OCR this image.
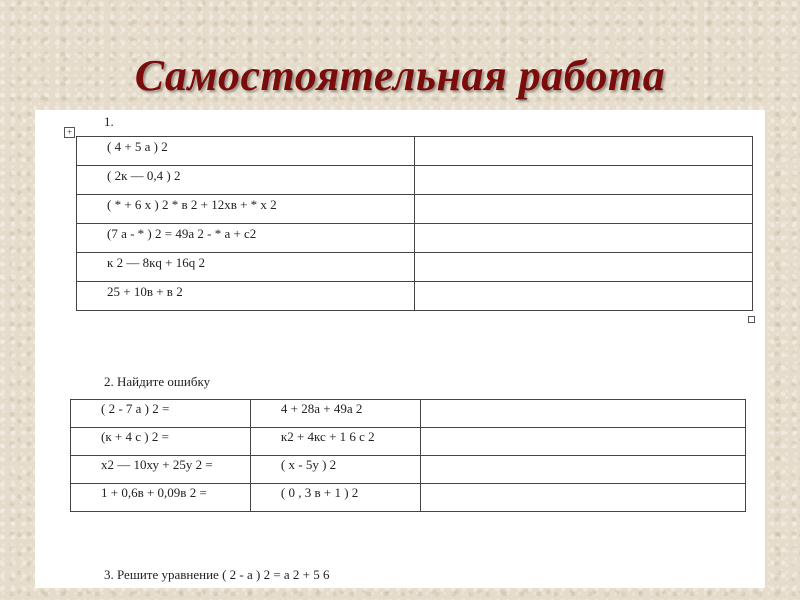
Самостоятельная работа
1.
+
( 4 + 5 а ) 2	
( 2к — 0,4 ) 2	
( * + 6 х ) 2 * в 2 + 12хв + * х 2	
(7 а - * ) 2 = 49а 2 - * а + с2	
к 2 — 8кq + 16q 2	
25 + 10в + в 2	
2. Найдите ошибку
( 2 - 7 а ) 2 =	4 + 28а + 49а 2	
(к + 4 с ) 2 =	к2 + 4кс + 1 6 с 2	
х2 — 10ху + 25у 2 =	( х - 5у ) 2	
1 + 0,6в + 0,09в 2 =	( 0 , 3 в + 1 ) 2	
3. Решите уравнение ( 2 - а ) 2 = а 2 + 5 6
